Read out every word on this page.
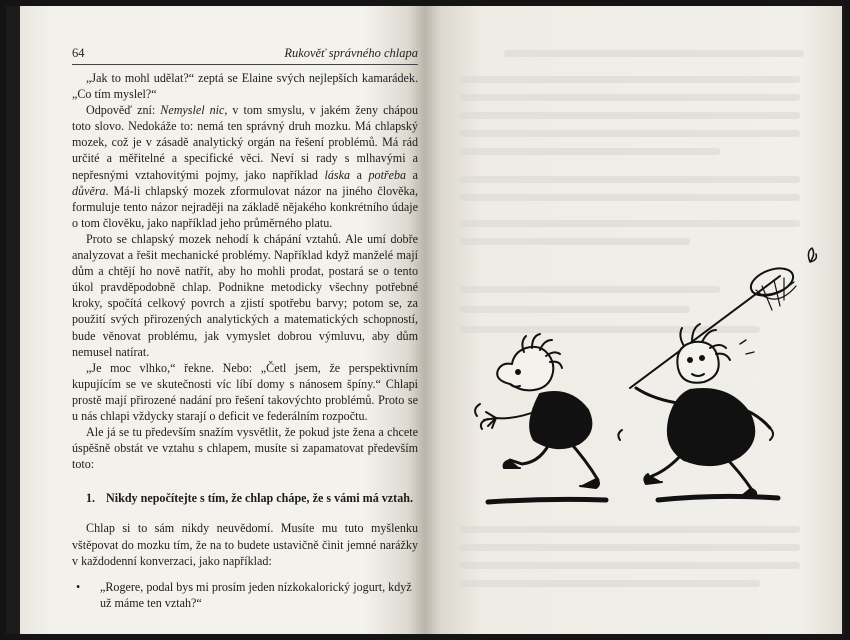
64	Rukověť správného chlapa

„Jak to mohl udělat?“ zeptá se Elaine svých nejlepších kamarádek. „Co tím myslel?“

Odpověď zní: Nemyslel nic, v tom smyslu, v jakém ženy chápou toto slovo. Nedokáže to: nemá ten správný druh mozku. Má chlapský mozek, což je v zásadě analytický orgán na řešení problémů. Má rád určité a měřitelné a specifické věci. Neví si rady s mlhavými a nepřesnými vztahovitými pojmy, jako například láska a potřeba a důvěra. Má-li chlapský mozek zformulovat názor na jiného člověka, formuluje tento názor nejraději na základě nějakého konkrétního údaje o tom člověku, jako například jeho průměrného platu.

Proto se chlapský mozek nehodí k chápání vztahů. Ale umí dobře analyzovat a řešit mechanické problémy. Například když manželé mají dům a chtějí ho nově natřít, aby ho mohli prodat, postará se o tento úkol pravděpodobně chlap. Podnikne metodicky všechny potřebné kroky, spočítá celkový povrch a zjistí spotřebu barvy; potom se, za použití svých přirozených analytických a matematických schopností, bude věnovat problému, jak vymyslet dobrou výmluvu, aby dům nemusel natírat.

„Je moc vlhko,“ řekne. Nebo: „Četl jsem, že perspektivním kupujícím se ve skutečnosti víc líbí domy s nánosem špíny.“ Chlapi prostě mají přirozené nadání pro řešení takovýchto problémů. Proto se u nás chlapi vždycky starají o deficit ve federálním rozpočtu.

Ale já se tu především snažím vysvětlit, že pokud jste žena a chcete úspěšně obstát ve vztahu s chlapem, musíte si zapamatovat především toto:

1. Nikdy nepočítejte s tím, že chlap chápe, že s vámi má vztah.

Chlap si to sám nikdy neuvědomí. Musíte mu tuto myšlenku vštěpovat do mozku tím, že na to budete ustavičně činit jemné narážky v každodenní konverzaci, jako například:

•	„Rogere, podal bys mi prosím jeden nízkokalorický jogurt, když už máme ten vztah?“
